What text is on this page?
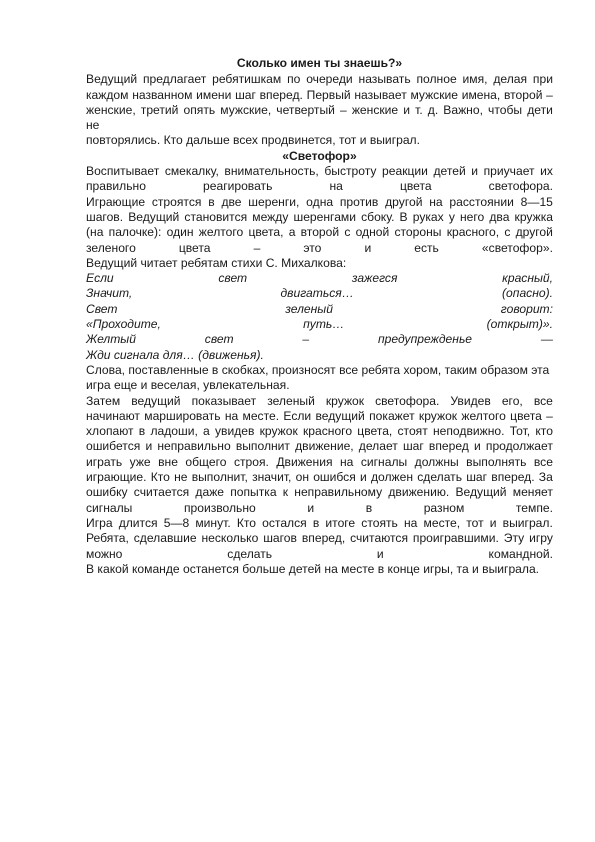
Сколько имен ты знаешь?»
Ведущий предлагает ребятишкам по очереди называть полное имя, делая при
каждом названном имени шаг вперед. Первый называет мужские имена, второй –
женские, третий опять мужские, четвертый – женские и т. д. Важно, чтобы дети
не
повторялись. Кто дальше всех продвинется, тот и выиграл.
«Светофор»
Воспитывает смекалку, внимательность, быстроту реакции детей и приучает их
правильно	реагировать	на	цвета	светофора.
Играющие строятся в две шеренги, одна против другой на расстоянии 8—15
шагов. Ведущий становится между шеренгами сбоку. В руках у него два кружка
(на палочке): один желтого цвета, а второй с одной стороны красного, с другой
зеленого	цвета	–	это	и	есть	«светофор».
Ведущий читает ребятам стихи С. Михалкова:
Если	свет	зажегся	красный,
Значит,	двигаться…	(опасно).
Свет	зеленый	говорит:
«Проходите,	путь…	(открыт)».
Желтый	свет	–	предупрежденье	—
Жди сигнала для… (движенья).
Слова, поставленные в скобках, произносят все ребята хором, таким образом эта
игра еще и веселая, увлекательная.
Затем ведущий показывает зеленый кружок светофора. Увидев его, все
начинают маршировать на месте. Если ведущий покажет кружок желтого цвета –
хлопают в ладоши, а увидев кружок красного цвета, стоят неподвижно. Тот, кто
ошибется и неправильно выполнит движение, делает шаг вперед и продолжает
играть уже вне общего строя. Движения на сигналы должны выполнять все
играющие. Кто не выполнит, значит, он ошибся и должен сделать шаг вперед. За
ошибку считается даже попытка к неправильному движению. Ведущий меняет
сигналы	произвольно	и	в	разном	темпе.
Игра длится 5—8 минут. Кто остался в итоге стоять на месте, тот и выиграл.
Ребята, сделавшие несколько шагов вперед, считаются проигравшими. Эту игру
можно	сделать	и	командной.
В какой команде останется больше детей на месте в конце игры, та и выиграла.
